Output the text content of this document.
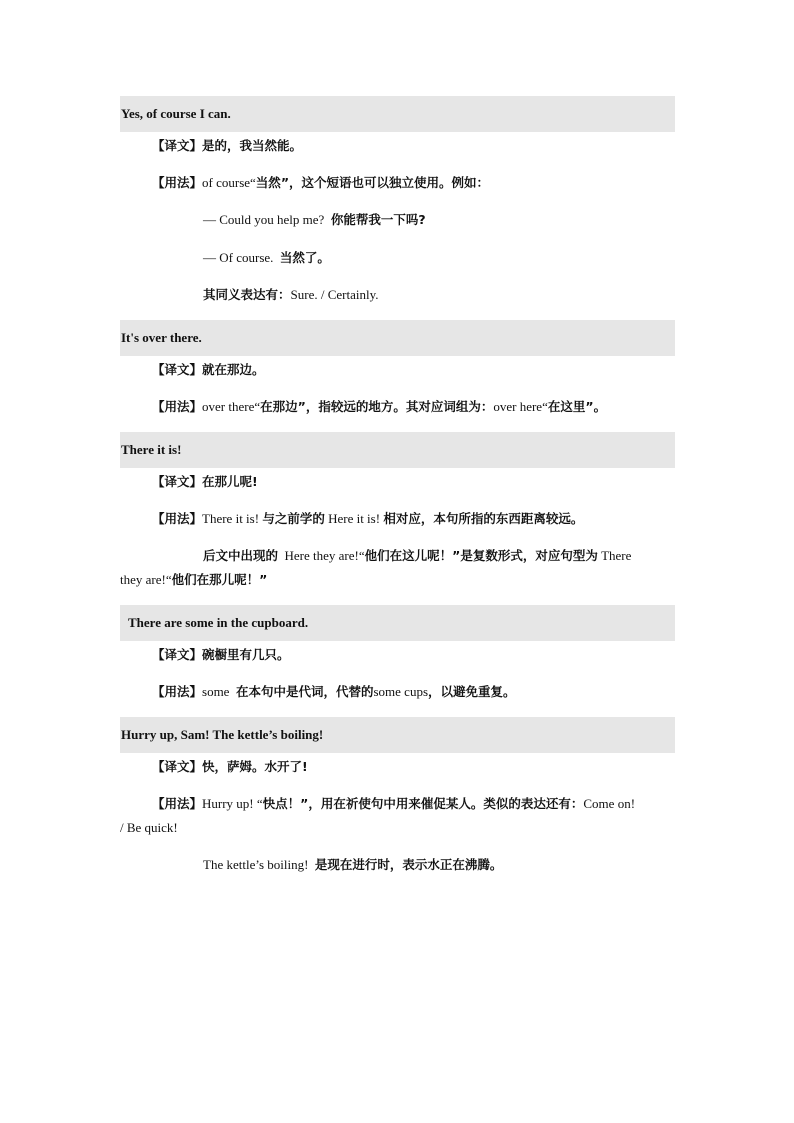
Yes, of course I can.
【译文】是的，我当然能。
【用法】of course“当然”，这个短语也可以独立使用。例如：
— Could you help me? 你能帮我一下吗?
— Of course. 当然了。
其同义表达有：Sure. / Certainly.
It's over there.
【译文】就在那边。
【用法】over there“在那边”，指较远的地方。其对应词组为：over here“在这里”。
There it is!
【译文】在那儿呢!
【用法】There it is! 与之前学的 Here it is! 相对应，本句所指的东西距离较远。
后文中出现的 Here they are!“他们在这儿呢！”是复数形式，对应句型为 There
they are!“他们在那儿呢！”
There are some in the cupboard.
【译文】碗橱里有几只。
【用法】some 在本句中是代词，代替的some cups，以避免重复。
Hurry up, Sam! The kettle’s boiling!
【译文】快，萨姆。水开了!
【用法】Hurry up! “快点！”，用在祈使句中用来催促某人。类似的表达还有：Come on!
/ Be quick!
The kettle’s boiling! 是现在进行时，表示水正在沸腾。
